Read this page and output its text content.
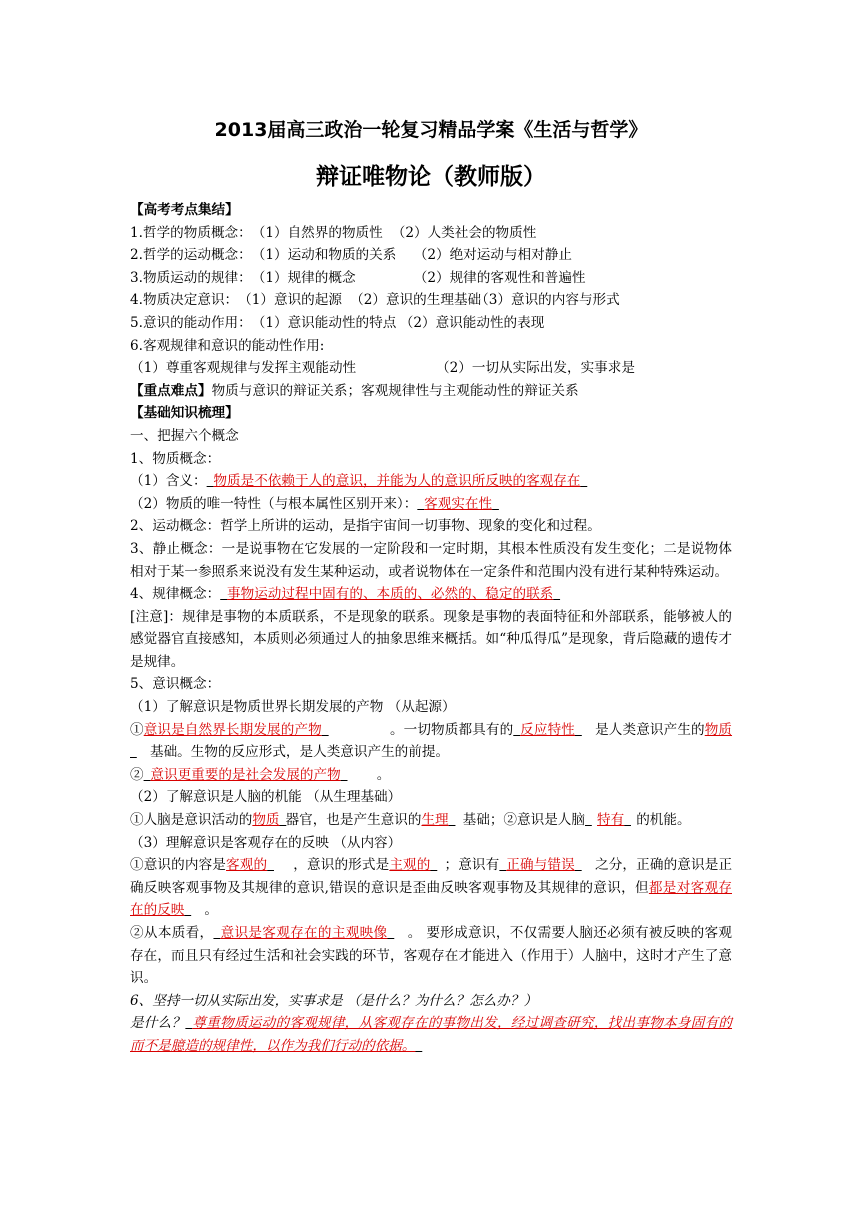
2013届高三政治一轮复习精品学案《生活与哲学》
辩证唯物论（教师版）
【高考考点集结】
1.哲学的物质概念：（1）自然界的物质性 （2）人类社会的物质性
2.哲学的运动概念：（1）运动和物质的关系 （2）绝对运动与相对静止
3.物质运动的规律：（1）规律的概念	（2）规律的客观性和普遍性
4.物质决定意识：（1）意识的起源 （2）意识的生理基础（3）意识的内容与形式
5.意识的能动作用：（1）意识能动性的特点 （2）意识能动性的表现
6.客观规律和意识的能动性作用:
（1）尊重客观规律与发挥主观能动性	（2）一切从实际出发，实事求是
【重点难点】物质与意识的辩证关系；客观规律性与主观能动性的辩证关系
【基础知识梳理】
一、把握六个概念
1、物质概念：
（1）含义：  物质是不依赖于人的意识，并能为人的意识所反映的客观存在 
（2）物质的唯一特性（与根本属性区别开来）：  客观实在性 
2、运动概念：哲学上所讲的运动，是指宇宙间一切事物、现象的变化和过程。
3、静止概念：一是说事物在它发展的一定阶段和一定时期，其根本性质没有发生变化；二是说物体相对于某一参照系来说没有发生某种运动，或者说物体在一定条件和范围内没有进行某种特殊运动。
4、规律概念：  事物运动过程中固有的、本质的、必然的、稳定的联系 
[注意]：规律是事物的本质联系，不是现象的联系。现象是事物的表面特征和外部联系，能够被人的感觉器官直接感知，本质则必须通过人的抽象思维来概括。如“种瓜得瓜”是现象，背后隐藏的遗传才是规律。
5、意识概念：
（1）了解意识是物质世界长期发展的产物 （从起源）
①意识是自然界长期发展的产物 	。一切物质都具有的  反应特性  是人类意识产生的物质 基础。生物的反应形式，是人类意识产生的前提。
②  意识更重要的是社会发展的产物 	。
（2）了解意识是人脑的机能 （从生理基础）
①人脑是意识活动的物质  器官，也是产生意识的生理  基础；②意识是人脑  特有  的机能。
（3）理解意识是客观存在的反映 （从内容）
①意识的内容是客观的  ，意识的形式是主观的  ；意识有  正确与错误  之分，正确的意识是正确反映客观事物及其规律的意识,错误的意识是歪曲反映客观事物及其规律的意识，但都是对客观存在的反映  。
②从本质看，  意识是客观存在的主观映像  。 要形成意识，不仅需要人脑还必须有被反映的客观存在，而且只有经过生活和社会实践的环节，客观存在才能进入（作用于）人脑中，这时才产生了意识。
6、坚持一切从实际出发，实事求是 （是什么？为什么？怎么办？）
是什么？  尊重物质运动的客观规律，从客观存在的事物出发，经过调查研究，找出事物本身固有的而不是臆造的规律性，以作为我们行动的依据。 
